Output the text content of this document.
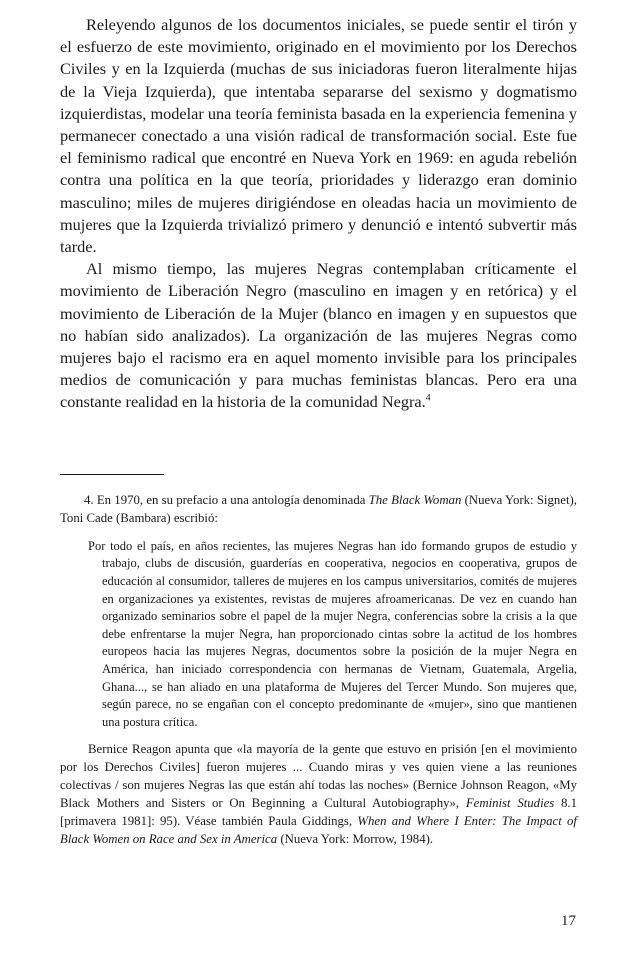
Releyendo algunos de los documentos iniciales, se puede sentir el tirón y el esfuerzo de este movimiento, originado en el movimiento por los Derechos Civiles y en la Izquierda (muchas de sus iniciadoras fueron literalmente hijas de la Vieja Izquierda), que intentaba separarse del sexismo y dogmatismo izquierdistas, modelar una teoría feminista basada en la experiencia femenina y permanecer conectado a una visión radical de transformación social. Este fue el feminismo radical que encontré en Nueva York en 1969: en aguda rebelión contra una política en la que teoría, prioridades y liderazgo eran dominio masculino; miles de mujeres dirigiéndose en oleadas hacia un movimiento de mujeres que la Izquierda trivializó primero y denunció e intentó subvertir más tarde.

Al mismo tiempo, las mujeres Negras contemplaban críticamente el movimiento de Liberación Negro (masculino en imagen y en retórica) y el movimiento de Liberación de la Mujer (blanco en imagen y en supuestos que no habían sido analizados). La organización de las mujeres Negras como mujeres bajo el racismo era en aquel momento invisible para los principales medios de comunicación y para muchas feministas blancas. Pero era una constante realidad en la historia de la comunidad Negra.$^4$

4. En 1970, en su prefacio a una antología denominada The Black Woman (Nueva York: Signet), Toni Cade (Bambara) escribió:

Por todo el país, en años recientes, las mujeres Negras han ido formando grupos de estudio y trabajo, clubs de discusión, guarderías en cooperativa, negocios en cooperativa, grupos de educación al consumidor, talleres de mujeres en los campus universitarios, comités de mujeres en organizaciones ya existentes, revistas de mujeres afroamericanas. De vez en cuando han organizado seminarios sobre el papel de la mujer Negra, conferencias sobre la crisis a la que debe enfrentarse la mujer Negra, han proporcionado cintas sobre la actitud de los hombres europeos hacia las mujeres Negras, documentos sobre la posición de la mujer Negra en América, han iniciado correspondencia con hermanas de Vietnam, Guatemala, Argelia, Ghana..., se han aliado en una plataforma de Mujeres del Tercer Mundo. Son mujeres que, según parece, no se engañan con el concepto predominante de «mujer», sino que mantienen una postura crítica.

Bernice Reagon apunta que «la mayoría de la gente que estuvo en prisión [en el movimiento por los Derechos Civiles] fueron mujeres ... Cuando miras y ves quien viene a las reuniones colectivas / son mujeres Negras las que están ahí todas las noches» (Bernice Johnson Reagon, «My Black Mothers and Sisters or On Beginning a Cultural Autobiography», Feminist Studies 8.1 [primavera 1981]: 95). Véase también Paula Giddings, When and Where I Enter: The Impact of Black Women on Race and Sex in America (Nueva York: Morrow, 1984).

17
